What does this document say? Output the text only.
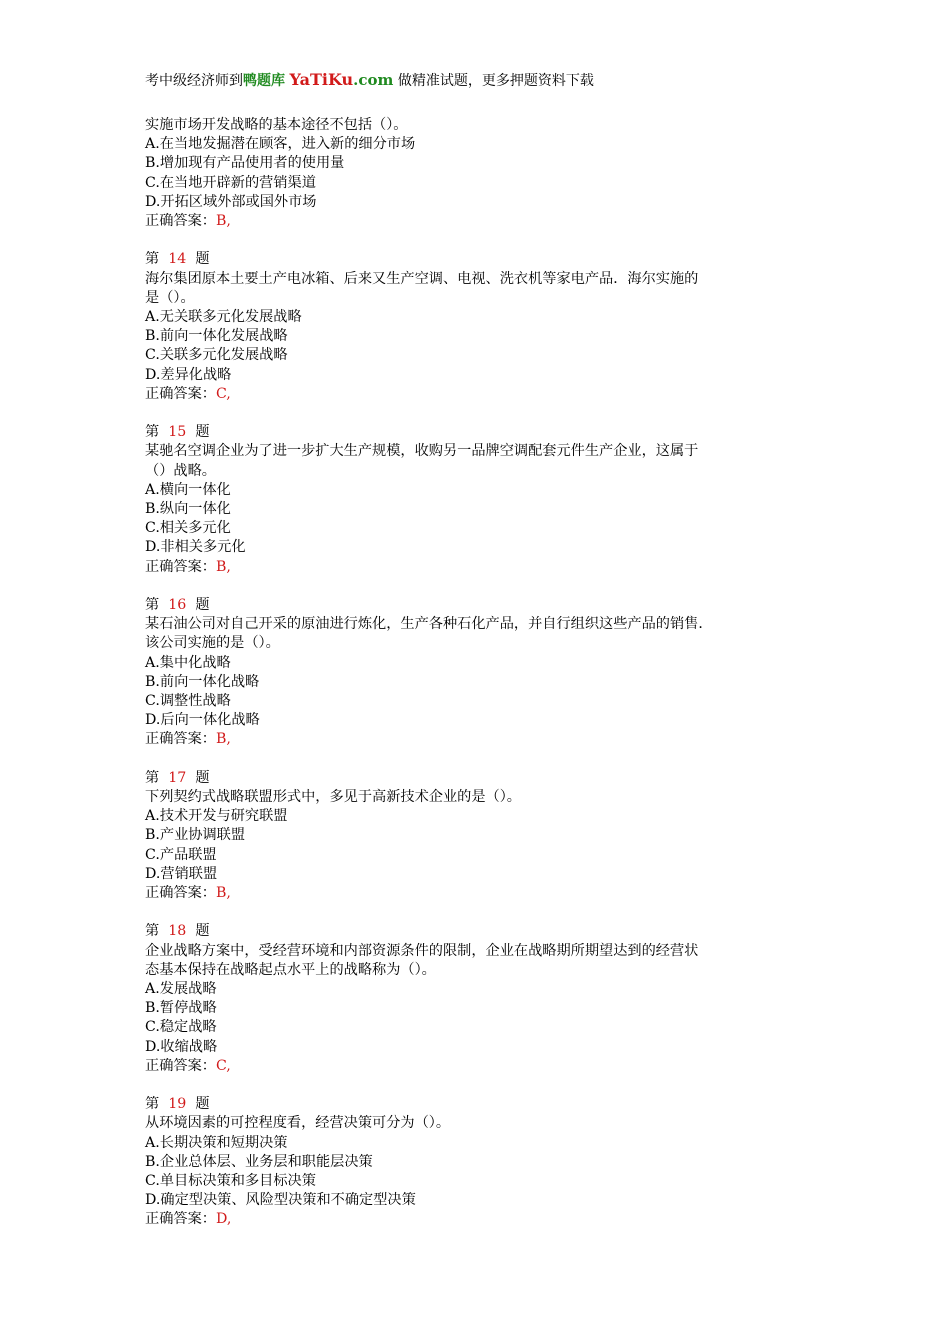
考中级经济师到鸭题库 YaTiKu.com 做精准试题，更多押题资料下载
实施市场开发战略的基本途径不包括（）。
A.在当地发掘潜在顾客，进入新的细分市场
B.增加现有产品使用者的使用量
C.在当地开辟新的营销渠道
D.开拓区域外部或国外市场
正确答案：B,
第 14 题
海尔集团原本土要土产电冰箱、后来又生产空调、电视、洗衣机等家电产品．海尔实施的
是（）。
A.无关联多元化发展战略
B.前向一体化发展战略
C.关联多元化发展战略
D.差异化战略
正确答案：C,
第 15 题
某驰名空调企业为了进一步扩大生产规模，收购另一品牌空调配套元件生产企业，这属于
（）战略。
A.横向一体化
B.纵向一体化
C.相关多元化
D.非相关多元化
正确答案：B,
第 16 题
某石油公司对自己开采的原油进行炼化，生产各种石化产品，并自行组织这些产品的销售．
该公司实施的是（）。
A.集中化战略
B.前向一体化战略
C.调整性战略
D.后向一体化战略
正确答案：B,
第 17 题
下列契约式战略联盟形式中，多见于高新技术企业的是（）。
A.技术开发与研究联盟
B.产业协调联盟
C.产品联盟
D.营销联盟
正确答案：B,
第 18 题
企业战略方案中，受经营环境和内部资源条件的限制，企业在战略期所期望达到的经营状
态基本保持在战略起点水平上的战略称为（）。
A.发展战略
B.暂停战略
C.稳定战略
D.收缩战略
正确答案：C,
第 19 题
从环境因素的可控程度看，经营决策可分为（）。
A.长期决策和短期决策
B.企业总体层、业务层和职能层决策
C.单目标决策和多目标决策
D.确定型决策、风险型决策和不确定型决策
正确答案：D,
